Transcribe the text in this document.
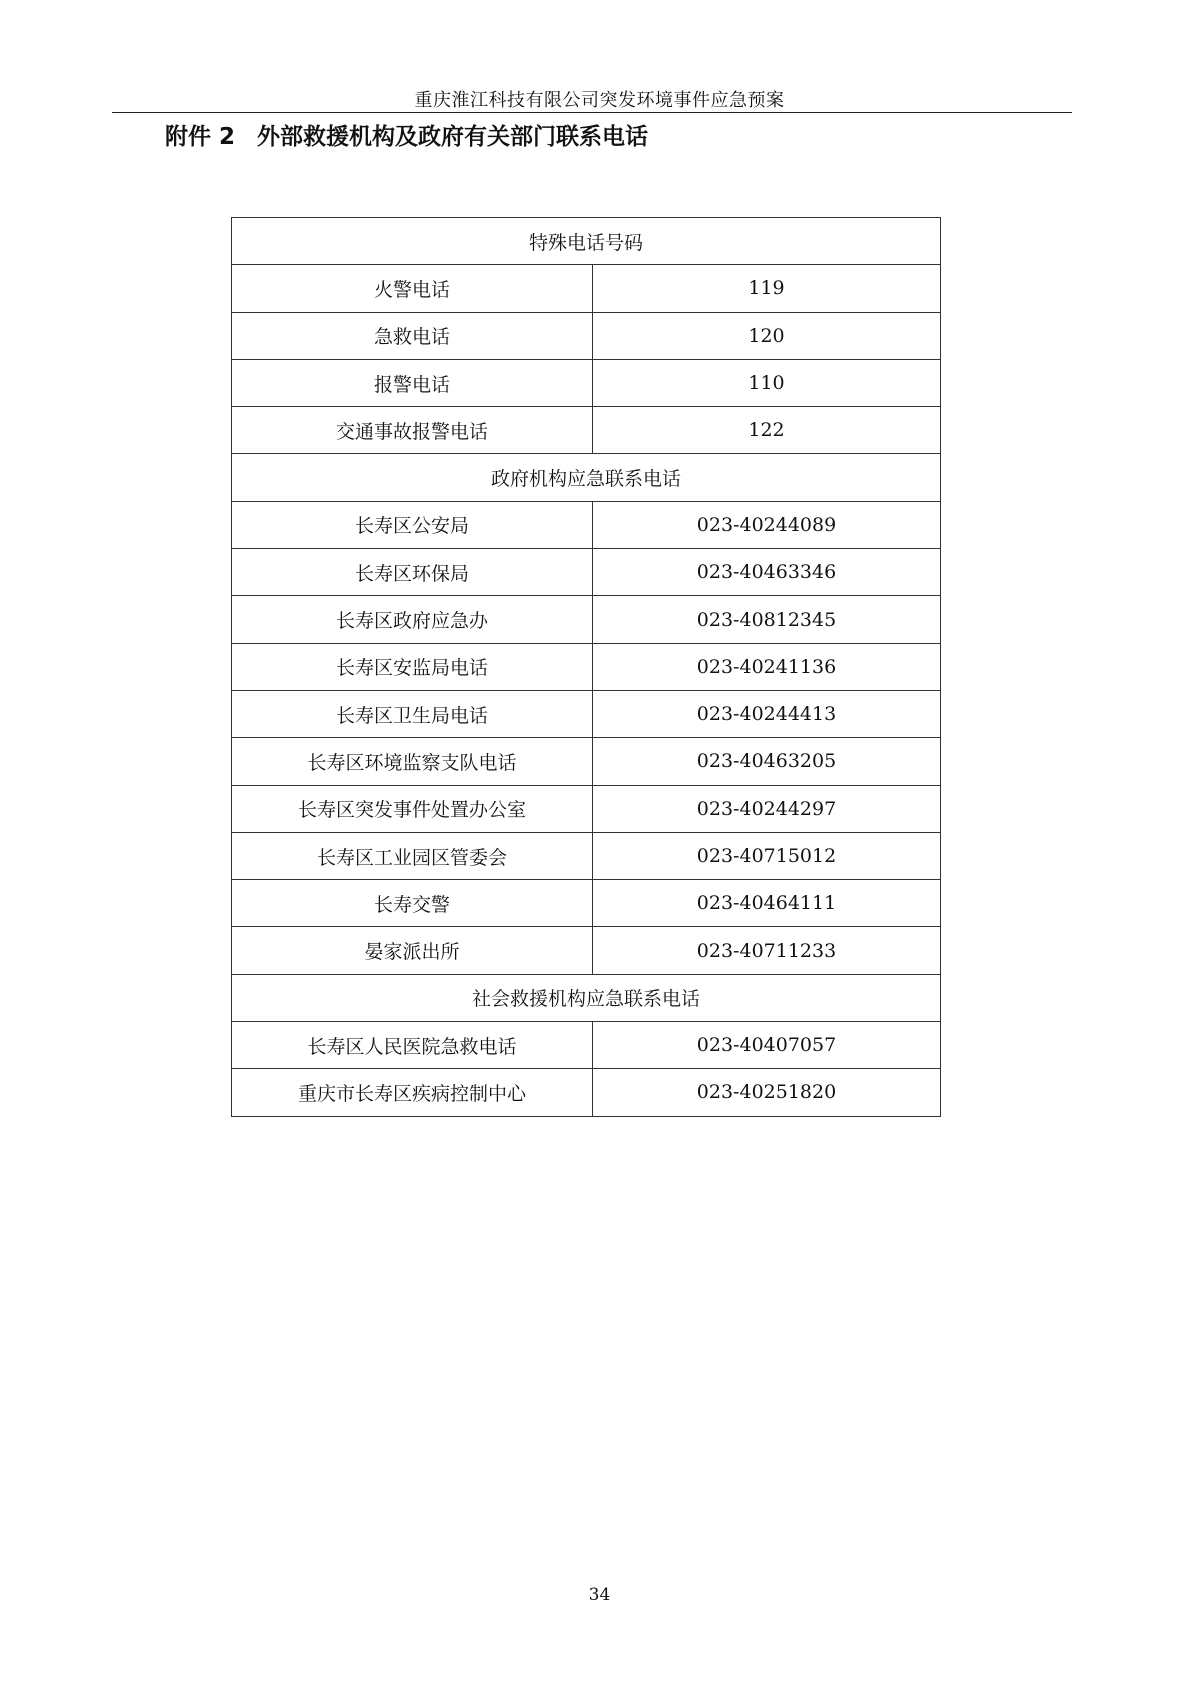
重庆淮江科技有限公司突发环境事件应急预案
附件 2 外部救援机构及政府有关部门联系电话
特殊电话号码	
火警电话	119
急救电话	120
报警电话	110
交通事故报警电话	122
政府机构应急联系电话	
长寿区公安局	023-40244089
长寿区环保局	023-40463346
长寿区政府应急办	023-40812345
长寿区安监局电话	023-40241136
长寿区卫生局电话	023-40244413
长寿区环境监察支队电话	023-40463205
长寿区突发事件处置办公室	023-40244297
长寿区工业园区管委会	023-40715012
长寿交警	023-40464111
晏家派出所	023-40711233
社会救援机构应急联系电话	
长寿区人民医院急救电话	023-40407057
重庆市长寿区疾病控制中心	023-40251820
34
